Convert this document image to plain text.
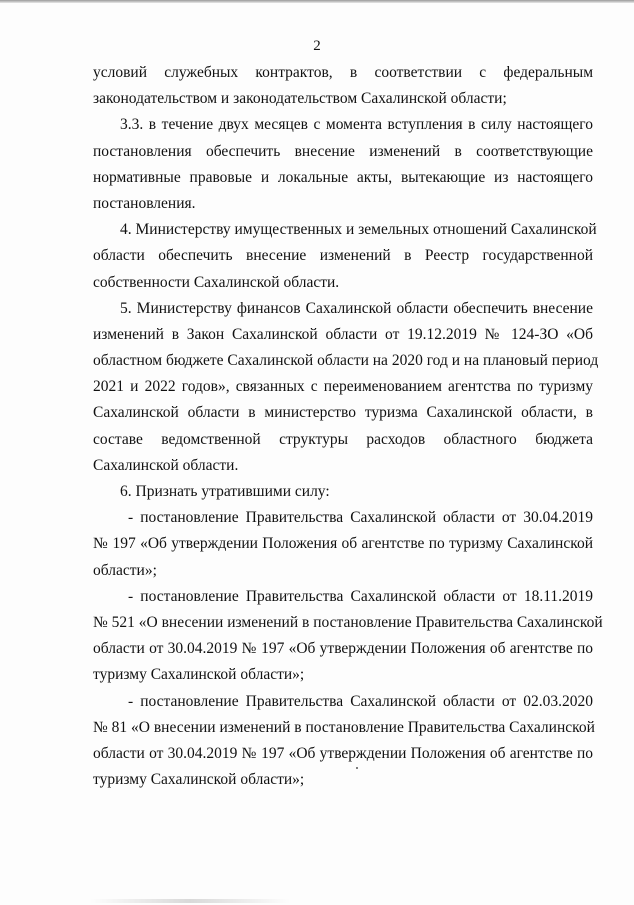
2
условий служебных контрактов, в соответствии с федеральным
законодательством и законодательством Сахалинской области;
3.3. в течение двух месяцев с момента вступления в силу настоящего
постановления обеспечить внесение изменений в соответствующие
нормативные правовые и локальные акты, вытекающие из настоящего
постановления.
4. Министерству имущественных и земельных отношений Сахалинской
области обеспечить внесение изменений в Реестр государственной
собственности Сахалинской области.
5. Министерству финансов Сахалинской области обеспечить внесение
изменений в Закон Сахалинской области от 19.12.2019 № 124-ЗО «Об
областном бюджете Сахалинской области на 2020 год и на плановый период
2021 и 2022 годов», связанных с переименованием агентства по туризму
Сахалинской области в министерство туризма Сахалинской области, в
составе ведомственной структуры расходов областного бюджета
Сахалинской области.
6. Признать утратившими силу:
- постановление Правительства Сахалинской области от 30.04.2019
№ 197 «Об утверждении Положения об агентстве по туризму Сахалинской
области»;
- постановление Правительства Сахалинской области от 18.11.2019
№ 521 «О внесении изменений в постановление Правительства Сахалинской
области от 30.04.2019 № 197 «Об утверждении Положения об агентстве по
туризму Сахалинской области»;
- постановление Правительства Сахалинской области от 02.03.2020
№ 81 «О внесении изменений в постановление Правительства Сахалинской
области от 30.04.2019 № 197 «Об утверждении Положения об агентстве по
туризму Сахалинской области»;
